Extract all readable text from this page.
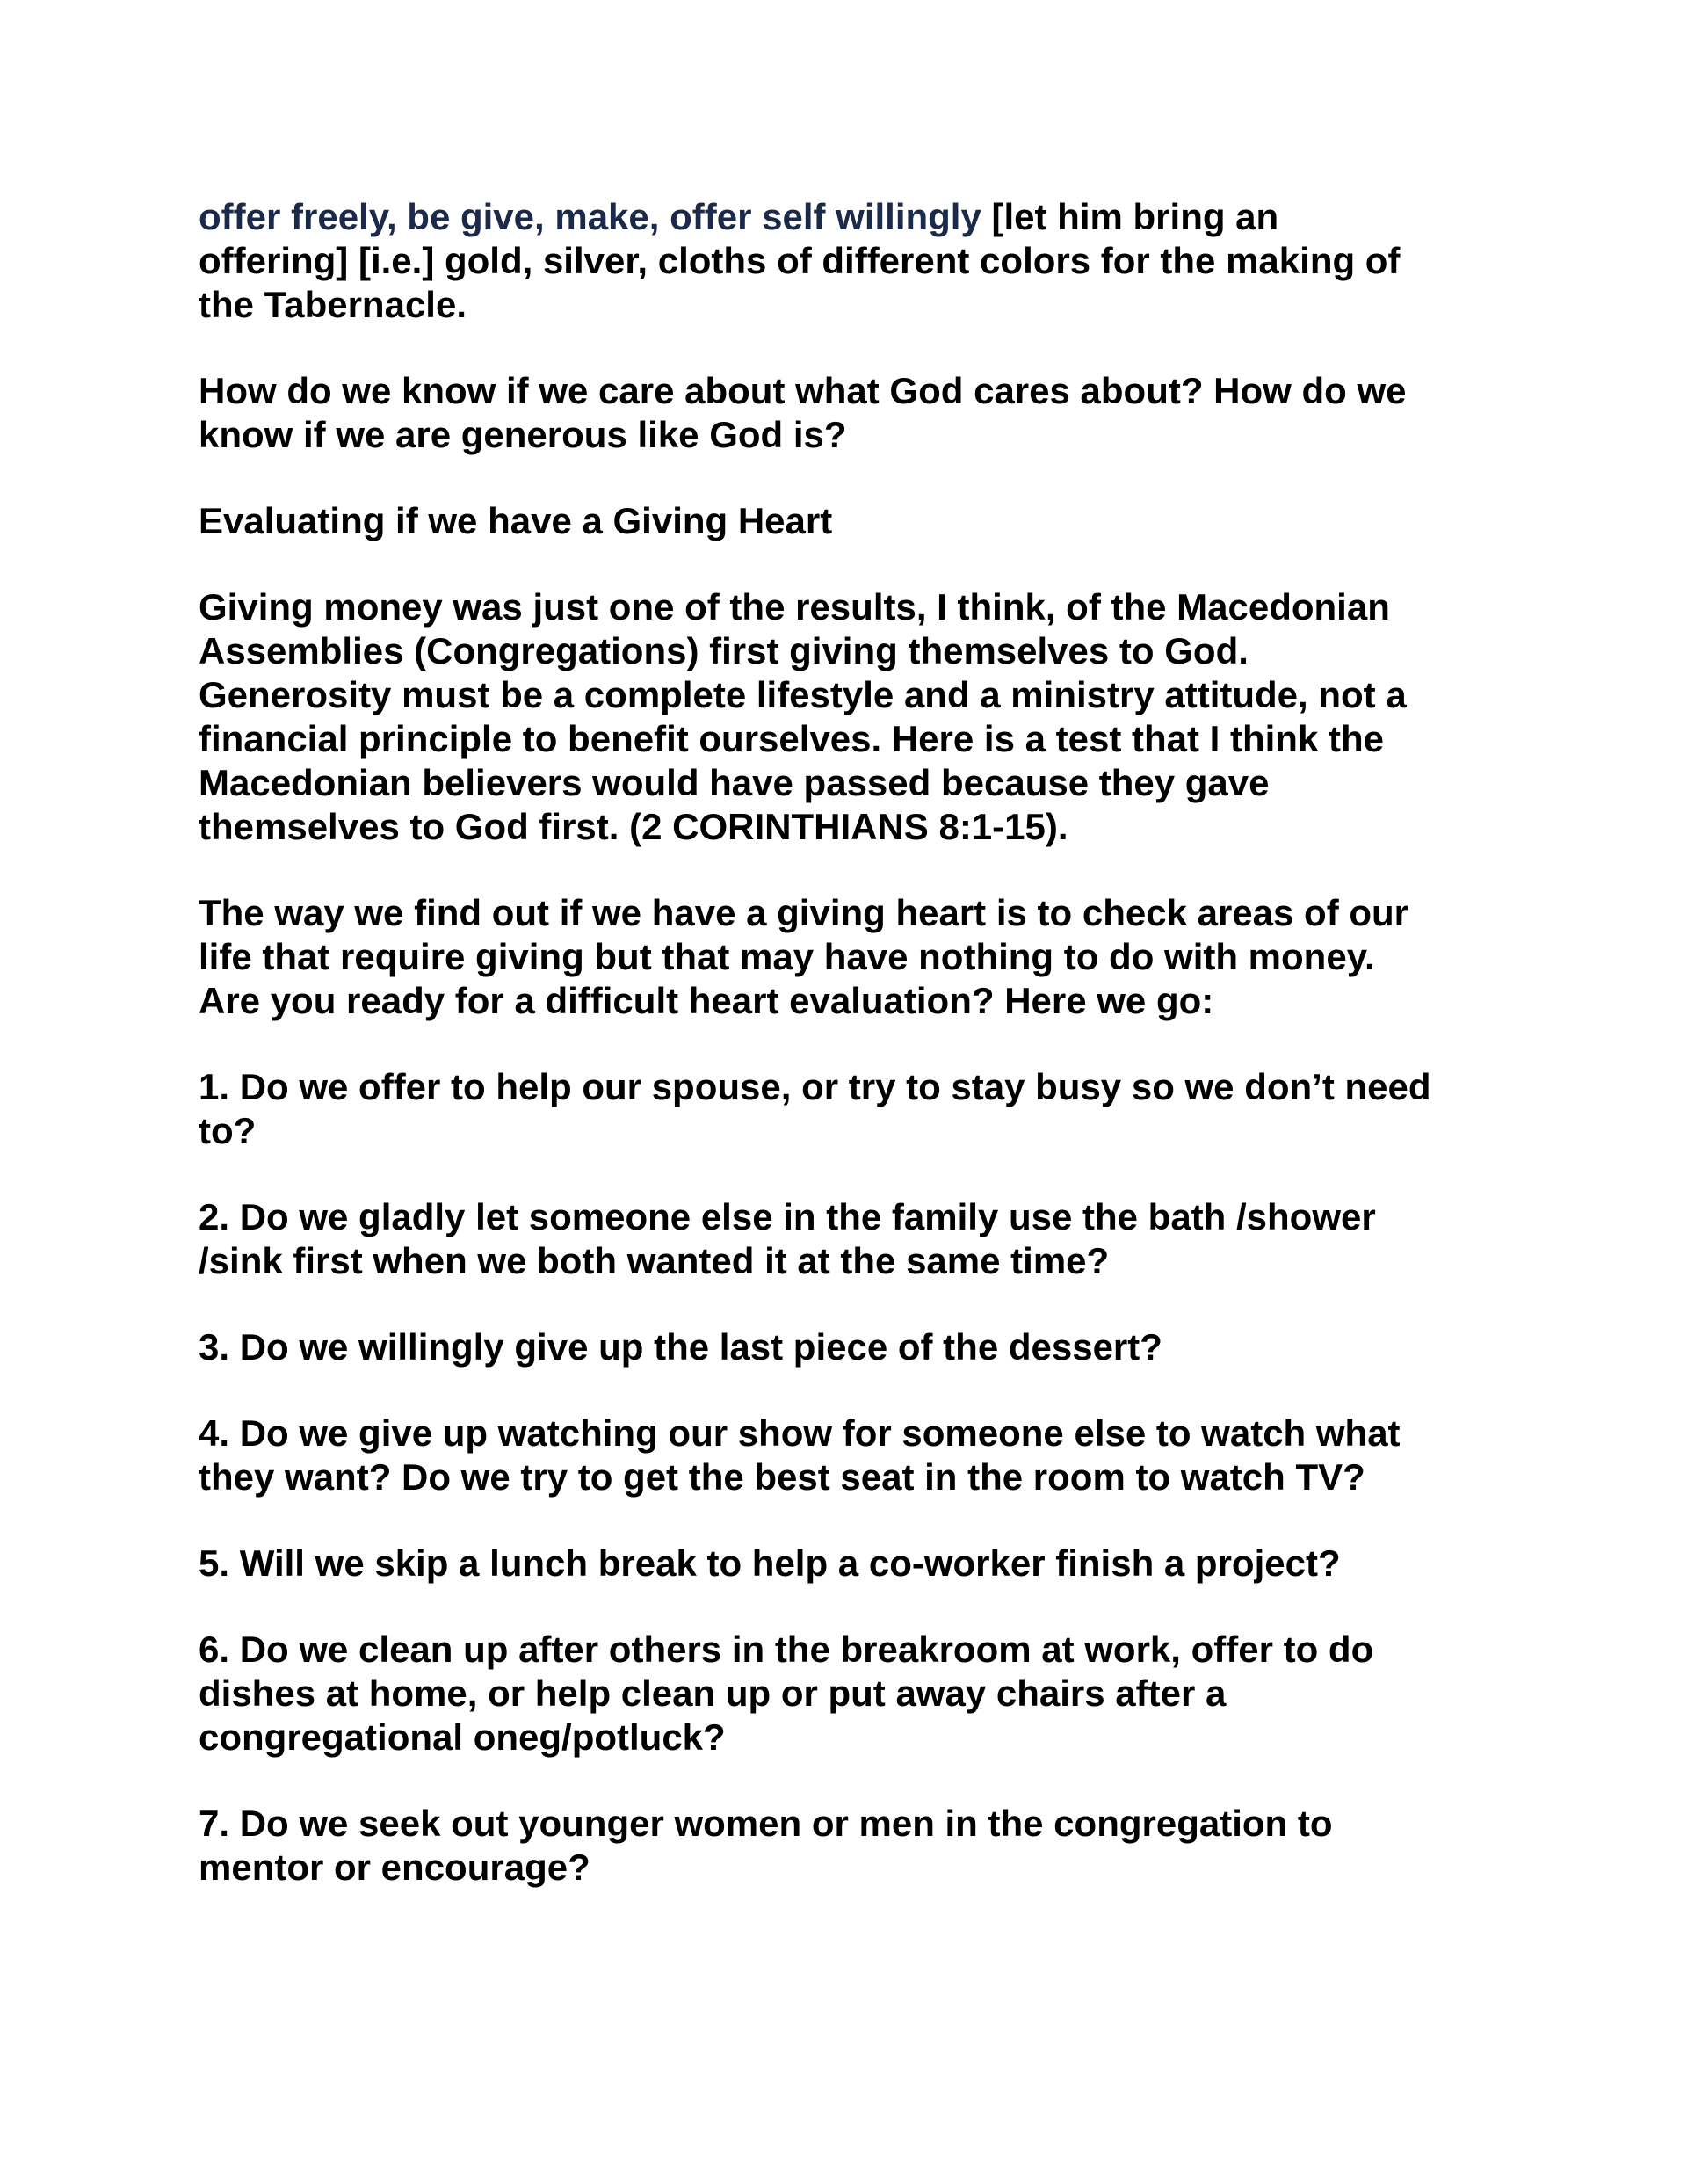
offer freely, be give, make, offer self willingly [let him bring an
offering] [i.e.] gold, silver, cloths of different colors for the making of
the Tabernacle.

How do we know if we care about what God cares about? How do we
know if we are generous like God is?

Evaluating if we have a Giving Heart

Giving money was just one of the results, I think, of the Macedonian
Assemblies (Congregations) first giving themselves to God.
Generosity must be a complete lifestyle and a ministry attitude, not a
financial principle to benefit ourselves. Here is a test that I think the
Macedonian believers would have passed because they gave
themselves to God first. (2 CORINTHIANS 8:1-15).

The way we find out if we have a giving heart is to check areas of our
life that require giving but that may have nothing to do with money.
Are you ready for a difficult heart evaluation? Here we go:

1. Do we offer to help our spouse, or try to stay busy so we don’t need
to?

2. Do we gladly let someone else in the family use the bath /shower
/sink first when we both wanted it at the same time?

3. Do we willingly give up the last piece of the dessert?

4. Do we give up watching our show for someone else to watch what
they want? Do we try to get the best seat in the room to watch TV?

5. Will we skip a lunch break to help a co-worker finish a project?

6. Do we clean up after others in the breakroom at work, offer to do
dishes at home, or help clean up or put away chairs after a
congregational oneg/potluck?

7. Do we seek out younger women or men in the congregation to
mentor or encourage?
